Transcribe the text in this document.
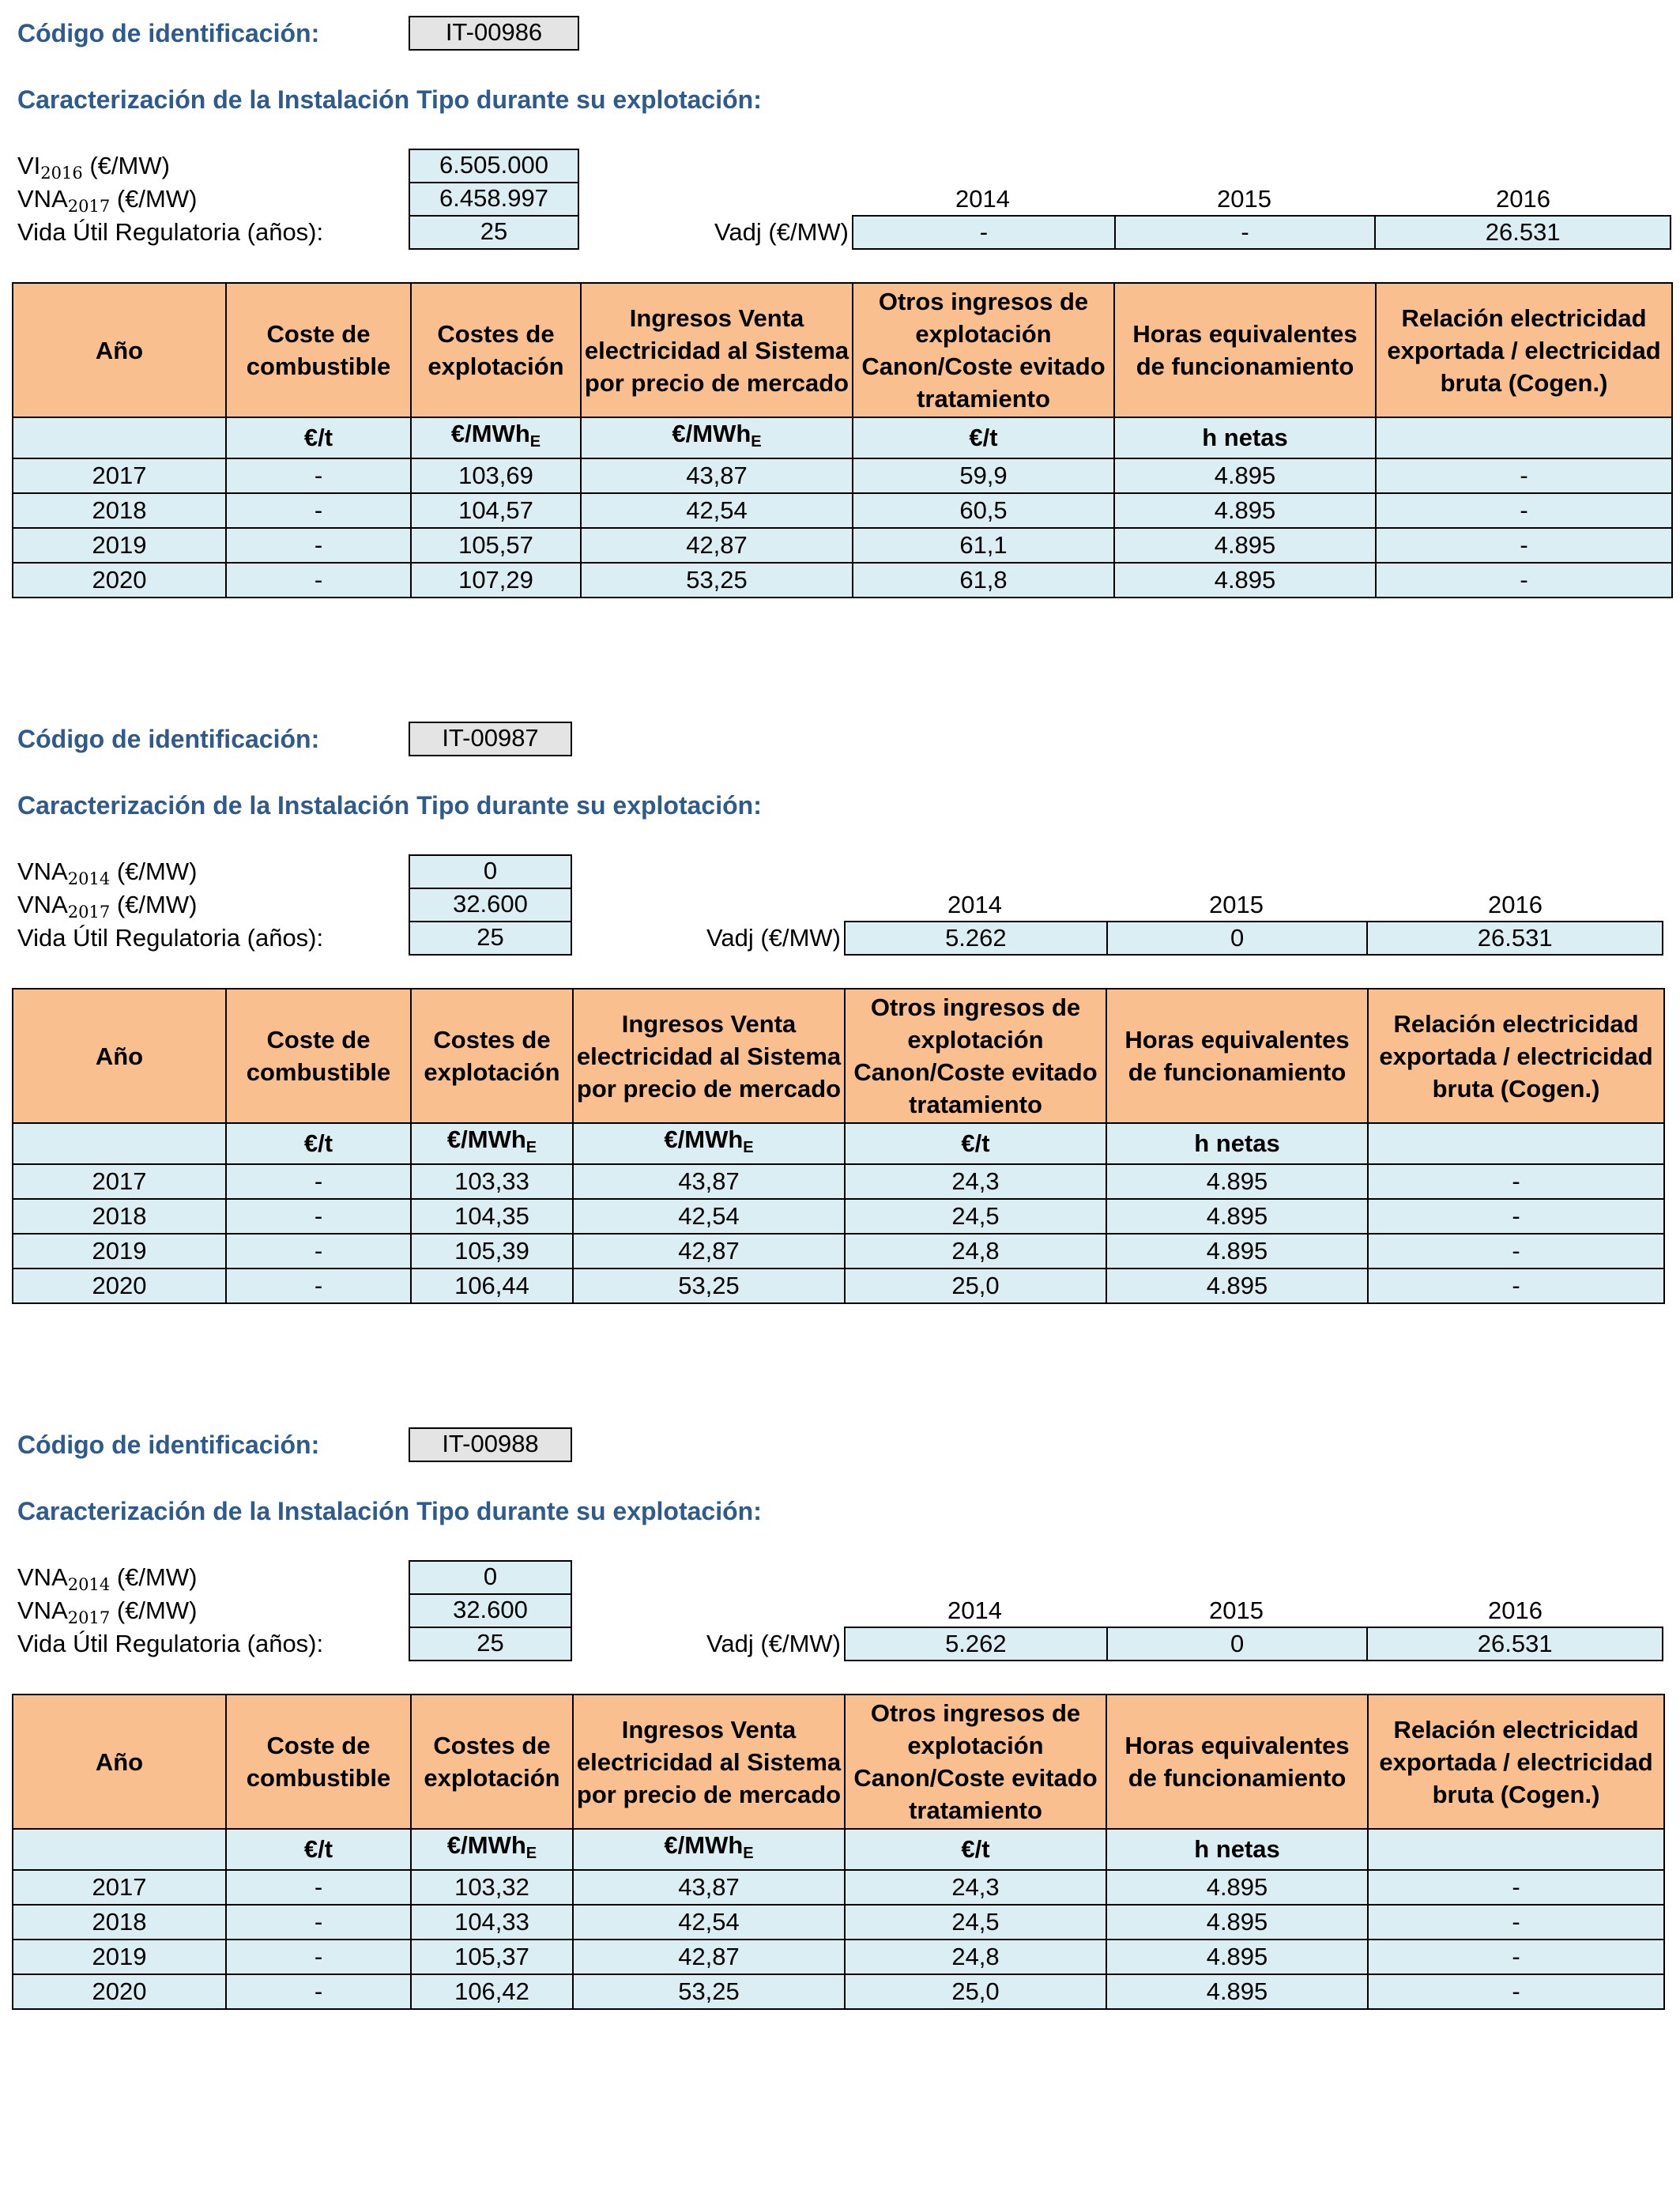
Código de identificación:	IT-00986
Caracterización de la Instalación Tipo durante su explotación:
VI2016 (€/MW)	6.505.000
VNA2017 (€/MW)	6.458.997
Vida Útil Regulatoria (años):	25
2014	2015	2016
Vadj (€/MW)	-	-	26.531
Año	Coste de combustible	Costes de explotación	Ingresos Venta electricidad al Sistema por precio de mercado	Otros ingresos de explotación Canon/Coste evitado tratamiento	Horas equivalentes de funcionamiento	Relación electricidad exportada / electricidad bruta (Cogen.)
	€/t	€/MWh$_E$	€/MWh$_E$	€/t	h netas	
2017	-	103,69	43,87	59,9	4.895	-
2018	-	104,57	42,54	60,5	4.895	-
2019	-	105,57	42,87	61,1	4.895	-
2020	-	107,29	53,25	61,8	4.895	-
Código de identificación:	IT-00987
Caracterización de la Instalación Tipo durante su explotación:
VNA2014 (€/MW)	0
VNA2017 (€/MW)	32.600
Vida Útil Regulatoria (años):	25
2014	2015	2016
Vadj (€/MW)	5.262	0	26.531
Año	Coste de combustible	Costes de explotación	Ingresos Venta electricidad al Sistema por precio de mercado	Otros ingresos de explotación Canon/Coste evitado tratamiento	Horas equivalentes de funcionamiento	Relación electricidad exportada / electricidad bruta (Cogen.)
	€/t	€/MWh$_E$	€/MWh$_E$	€/t	h netas	
2017	-	103,33	43,87	24,3	4.895	-
2018	-	104,35	42,54	24,5	4.895	-
2019	-	105,39	42,87	24,8	4.895	-
2020	-	106,44	53,25	25,0	4.895	-
Código de identificación:	IT-00988
Caracterización de la Instalación Tipo durante su explotación:
VNA2014 (€/MW)	0
VNA2017 (€/MW)	32.600
Vida Útil Regulatoria (años):	25
2014	2015	2016
Vadj (€/MW)	5.262	0	26.531
Año	Coste de combustible	Costes de explotación	Ingresos Venta electricidad al Sistema por precio de mercado	Otros ingresos de explotación Canon/Coste evitado tratamiento	Horas equivalentes de funcionamiento	Relación electricidad exportada / electricidad bruta (Cogen.)
	€/t	€/MWh$_E$	€/MWh$_E$	€/t	h netas	
2017	-	103,32	43,87	24,3	4.895	-
2018	-	104,33	42,54	24,5	4.895	-
2019	-	105,37	42,87	24,8	4.895	-
2020	-	106,42	53,25	25,0	4.895	-
